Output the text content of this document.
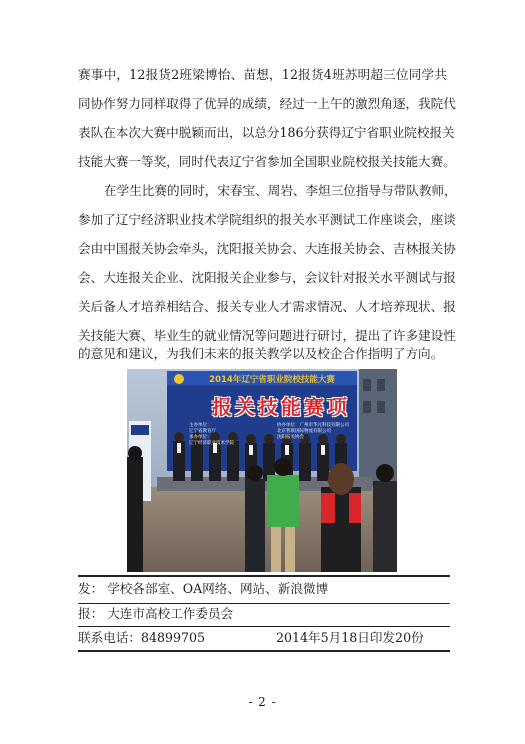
赛事中，12报货2班梁博怡、苗想，12报货4班苏明超三位同学共
同协作努力同样取得了优异的成绩，经过一上午的激烈角逐，我院代
表队在本次大赛中脱颖而出，以总分186分获得辽宁省职业院校报关
技能大赛一等奖，同时代表辽宁省参加全国职业院校报关技能大赛。
在学生比赛的同时，宋春宝、周岩、李炟三位指导与带队教师，
参加了辽宁经济职业技术学院组织的报关水平测试工作座谈会，座谈
会由中国报关协会牵头，沈阳报关协会、大连报关协会、吉林报关协
会、大连报关企业、沈阳报关企业参与，会议针对报关水平测试与报
关后备人才培养相结合、报关专业人才需求情况、人才培养现状、报
关技能大赛、毕业生的就业情况等问题进行研讨，提出了许多建设性
的意见和建议，为我们未来的报关教学以及校企合作指明了方向。
2014年辽宁省职业院校技能大赛
报关技能赛项
主办单位：
辽宁省教育厅
承办单位：
辽宁经济职业技术学院
协办单位：广州市华元科技有限公司
北京智联国际物流有限公司
沈阳报关协会
发： 学校各部室、OA网络、网站、新浪微博
报： 大连市高校工作委员会
联系电话：84899705	2014年5月18日印发20份
- 2 -
